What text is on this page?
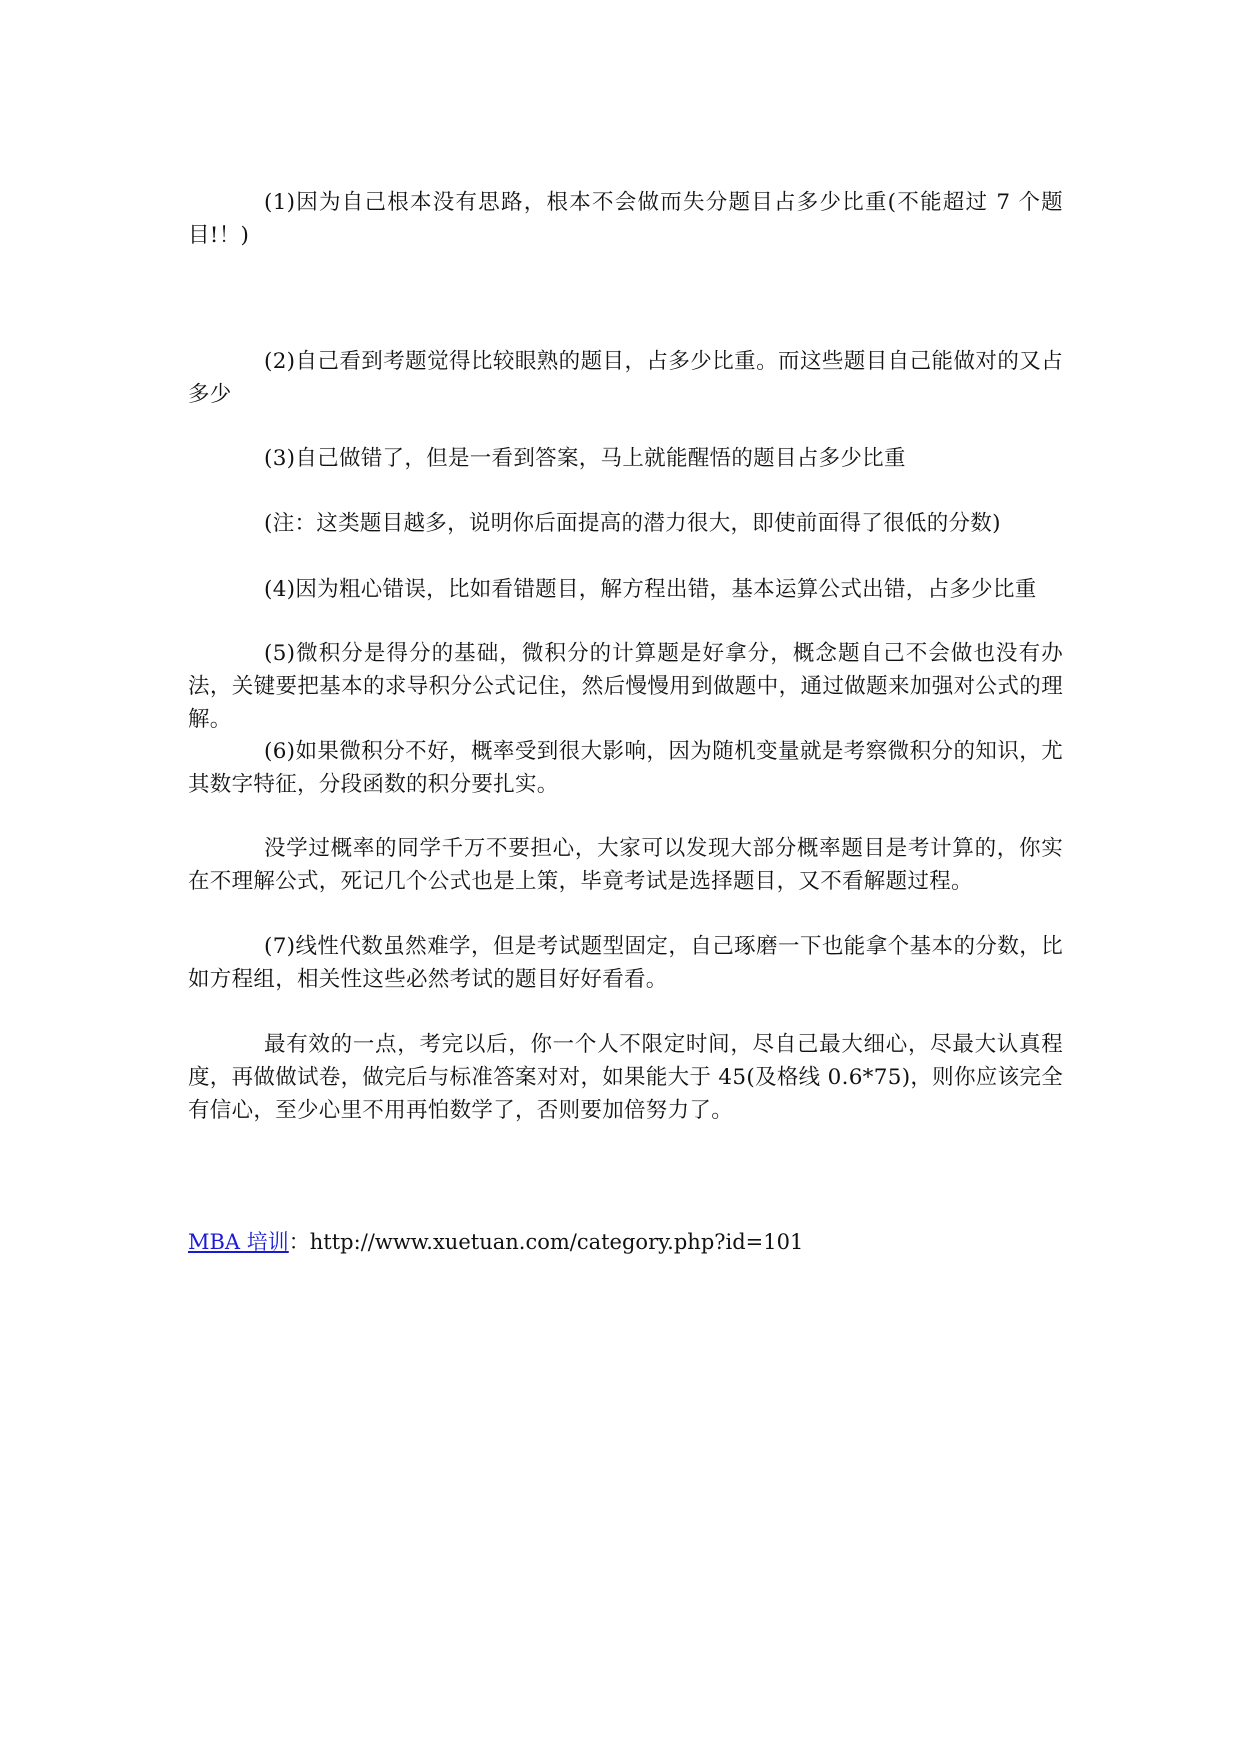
(1)因为自己根本没有思路，根本不会做而失分题目占多少比重(不能超过 7 个题目!！)

(2)自己看到考题觉得比较眼熟的题目，占多少比重。而这些题目自己能做对的又占多少

(3)自己做错了，但是一看到答案，马上就能醒悟的题目占多少比重

(注：这类题目越多，说明你后面提高的潜力很大，即使前面得了很低的分数)

(4)因为粗心错误，比如看错题目，解方程出错，基本运算公式出错，占多少比重

(5)微积分是得分的基础，微积分的计算题是好拿分，概念题自己不会做也没有办法，关键要把基本的求导积分公式记住，然后慢慢用到做题中，通过做题来加强对公式的理解。

(6)如果微积分不好，概率受到很大影响，因为随机变量就是考察微积分的知识，尤其数字特征，分段函数的积分要扎实。

没学过概率的同学千万不要担心，大家可以发现大部分概率题目是考计算的，你实在不理解公式，死记几个公式也是上策，毕竟考试是选择题目，又不看解题过程。

(7)线性代数虽然难学，但是考试题型固定，自己琢磨一下也能拿个基本的分数，比如方程组，相关性这些必然考试的题目好好看看。

最有效的一点，考完以后，你一个人不限定时间，尽自己最大细心，尽最大认真程度，再做做试卷，做完后与标准答案对对，如果能大于 45(及格线 0.6*75)，则你应该完全有信心，至少心里不用再怕数学了，否则要加倍努力了。

MBA 培训：http://www.xuetuan.com/category.php?id=101
